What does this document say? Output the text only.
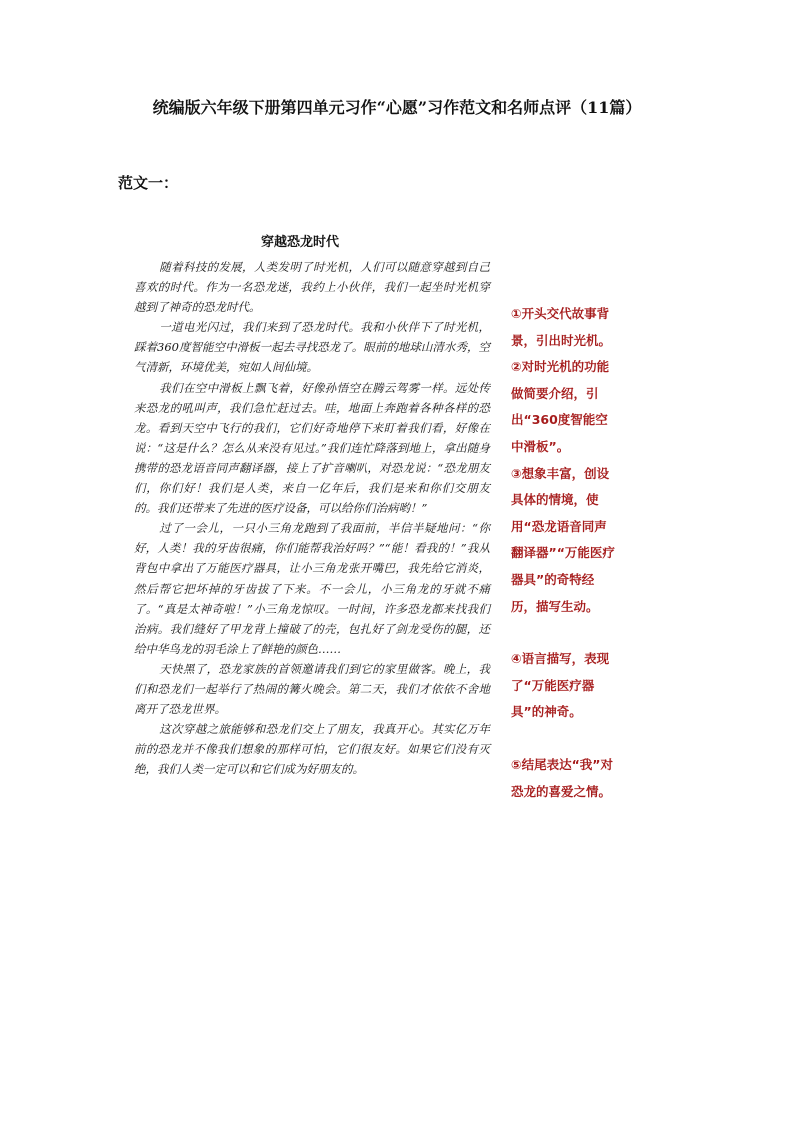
统编版六年级下册第四单元习作“心愿”习作范文和名师点评（11篇）
范文一：
穿越恐龙时代

随着科技的发展，人类发明了时光机，人们可以随意穿越到自己喜欢的时代。作为一名恐龙迷，我约上小伙伴，我们一起坐时光机穿越到了神奇的恐龙时代。

一道电光闪过，我们来到了恐龙时代。我和小伙伴下了时光机，踩着360度智能空中滑板一起去寻找恐龙了。眼前的地球山清水秀，空气清新，环境优美，宛如人间仙境。

我们在空中滑板上飘飞着，好像孙悟空在腾云驾雾一样。远处传来恐龙的吼叫声，我们急忙赶过去。哇，地面上奔跑着各种各样的恐龙。看到天空中飞行的我们，它们好奇地停下来盯着我们看，好像在说：“这是什么？怎么从来没有见过。”我们连忙降落到地上，拿出随身携带的恐龙语音同声翻译器，接上了扩音喇叭，对恐龙说：“恐龙朋友们，你们好！我们是人类，来自一亿年后，我们是来和你们交朋友的。我们还带来了先进的医疗设备，可以给你们治病哟！”

过了一会儿，一只小三角龙跑到了我面前，半信半疑地问：“你好，人类！我的牙齿很痛，你们能帮我治好吗？”“能！看我的！”我从背包中拿出了万能医疗器具，让小三角龙张开嘴巴，我先给它消炎，然后帮它把坏掉的牙齿拔了下来。不一会儿，小三角龙的牙就不痛了。“真是太神奇啦！”小三角龙惊叹。一时间，许多恐龙都来找我们治病。我们缝好了甲龙背上撞破了的壳，包扎好了剑龙受伤的腿，还给中华鸟龙的羽毛涂上了鲜艳的颜色……

天快黑了，恐龙家族的首领邀请我们到它的家里做客。晚上，我们和恐龙们一起举行了热闹的篝火晚会。第二天，我们才依依不舍地离开了恐龙世界。

这次穿越之旅能够和恐龙们交上了朋友，我真开心。其实亿万年前的恐龙并不像我们想象的那样可怕，它们很友好。如果它们没有灭绝，我们人类一定可以和它们成为好朋友的。

①开头交代故事背景，引出时光机。

②对时光机的功能做简要介绍，引出“360度智能空中滑板”。

③想象丰富，创设具体的情境，使用“恐龙语音同声翻译器”“万能医疗器具”的奇特经历，描写生动。

④语言描写，表现了“万能医疗器具”的神奇。

⑤结尾表达“我”对恐龙的喜爱之情。
